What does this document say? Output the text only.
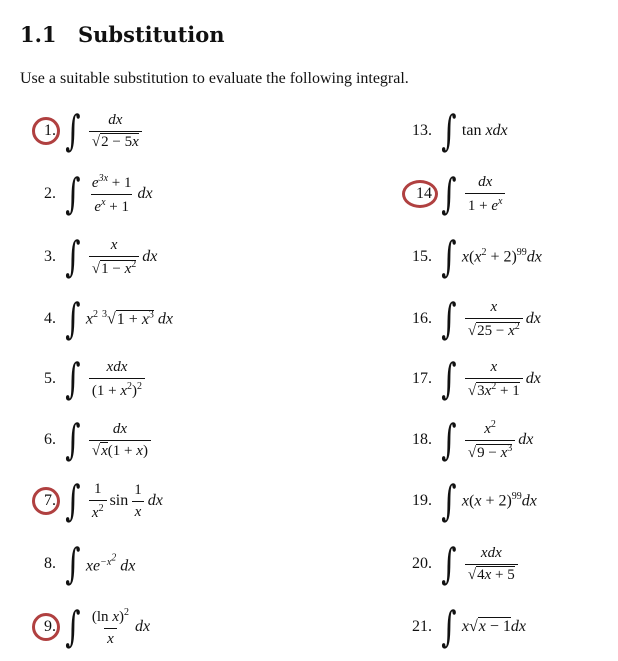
1.1 Substitution
Use a suitable substitution to evaluate the following integral.
1. ∫ $\frac{dx}{√2 - 5x}$
2. ∫ $\frac{e^{3x} + 1}{e^x + 1}$ dx
3. ∫ $\frac{x}{√1 - x^2}$ dx
4. ∫ $x^2$ $^3√1 + x^3$ dx
5. ∫ $\frac{\text{xdx}}{(1 + x^2)^2}$
6. ∫ $\frac{dx}{√x(1 + x)}$
7. ∫ $\frac{1}{x^2}$ $\sin \frac{1}{x}$ dx
8. ∫ $xe^{-x^2}$ dx
9. ∫ $\frac{(\ln x)^2}{x}$ dx
13. ∫ tan xdx
14 ∫ $\frac{dx}{1 + e^x}$
15. ∫ $x(x^2 + 2)^{99}dx$
16. ∫ $\frac{x}{√25 - x^2}$ dx
17. ∫ $\frac{x}{√3x^2 + 1}$ dx
18. ∫ $\frac{x^2}{√9 - x^3}$ dx
19. ∫ $x(x + 2)^{99}dx$
20. ∫ $\frac{\text{xdx}}{√4x + 5}$
21. ∫ x√x − 1dx
